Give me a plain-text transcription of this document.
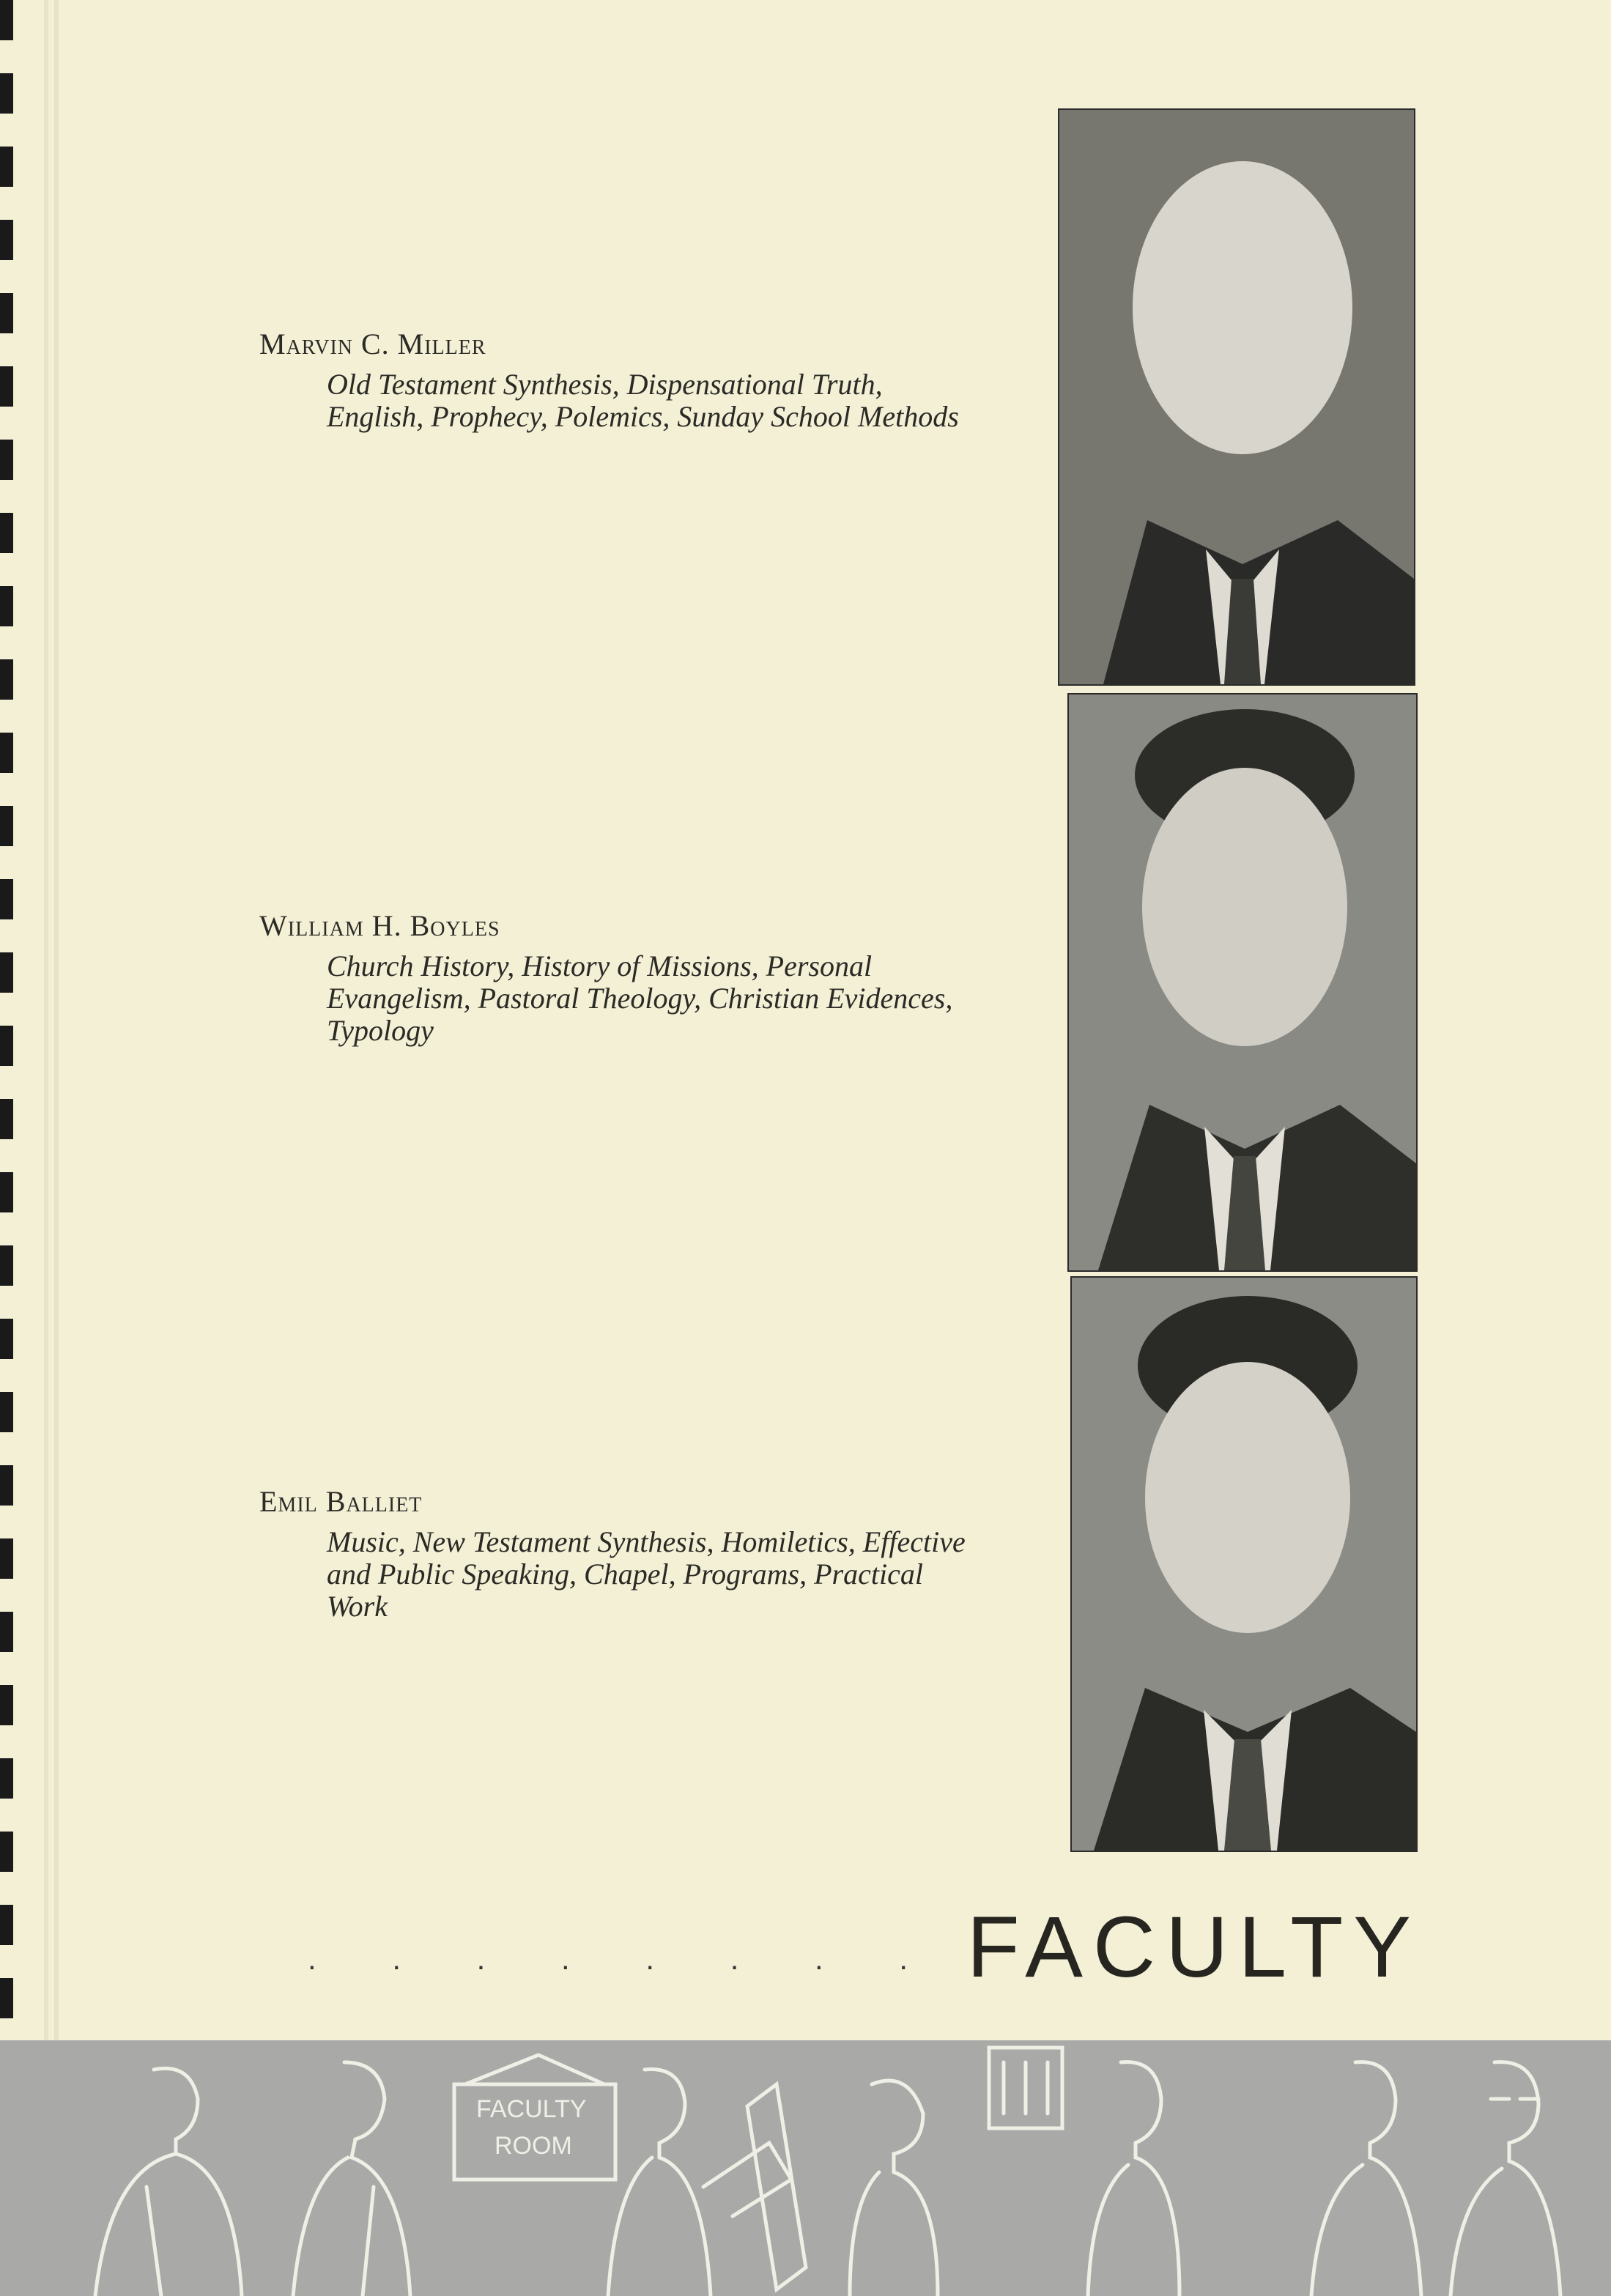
Marvin C. Miller

Old Testament Synthesis, Dispensational Truth, English, Prophecy, Polemics, Sunday School Methods

William H. Boyles

Church History, History of Missions, Personal Evangelism, Pastoral Theology, Christian Evidences, Typology

Emil Balliet

Music, New Testament Synthesis, Homiletics, Effective and Public Speaking, Chapel, Programs, Practical Work

. . . . . . . . FACULTY
FACULTY
ROOM
